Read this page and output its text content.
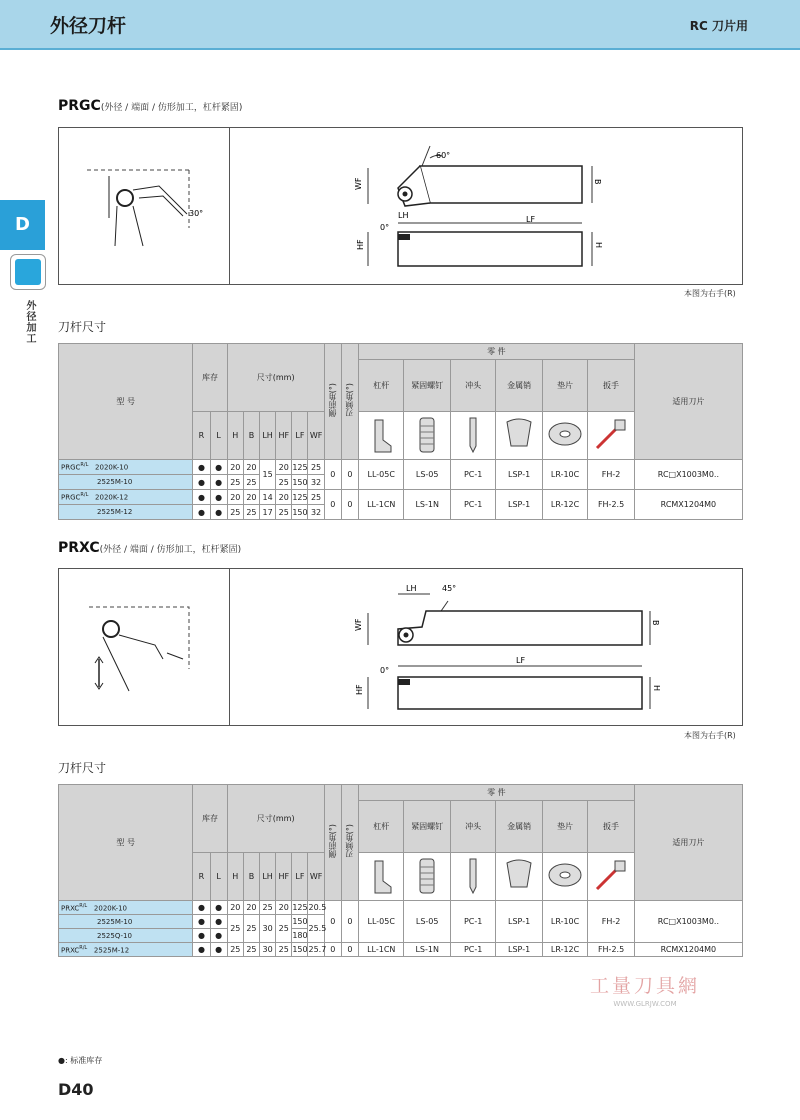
外径刀杆	RC 刀片用
D
外径加工
PRGC(外径 / 端面 / 仿形加工，杠杆紧固)
30°
60°
WF	B
LH	LF
0°
HF	H
本图为右手(R)
刀杆尺寸
型 号	库存		尺寸(mm)						侧前角(°)	刃倾角(°)	零 件						适用刀片
											杠杆	紧固螺钉	冲头	金属销	垫片	扳手	
	R	L	H	B	LH	HF	LF	WF						
$PRGC^{R/L}$ 2020K-10	●	●	20	20	15	20	125	25	0	0	LL-05C	LS-05	PC-1	LSP-1	LR-10C	FH-2	RC□X1003M0..
2525M-10	●	●	25	25		25	150	32									
$PRGC^{R/L}$ 2020K-12	●	●	20	20	14	20	125	25	0	0	LL-1CN	LS-1N	PC-1	LSP-1	LR-12C	FH-2.5	RCMX1204M0
2525M-12	●	●	25	25	17	25	150	32									
PRXC(外径 / 端面 / 仿形加工，杠杆紧固)
LH	45°
WF	B
LF
0°
HF	H
本图为右手(R)
刀杆尺寸
型 号	库存		尺寸(mm)						侧前角(°)	刃倾角(°)	零 件						适用刀片
											杠杆	紧固螺钉	冲头	金属销	垫片	扳手	
	R	L	H	B	LH	HF	LF	WF						
$PRXC^{R/L}$ 2020K-10	●	●	20	20	25	20	125	20.5	0	0	LL-05C	LS-05	PC-1	LSP-1	LR-10C	FH-2	RC□X1003M0..
2525M-10	●	●	25	25	30	25	150	25.5									
2525Q-10	●	●					180										
$PRXC^{R/L}$ 2525M-12	●	●	25	25	30	25	150	25.7	0	0	LL-1CN	LS-1N	PC-1	LSP-1	LR-12C	FH-2.5	RCMX1204M0
工量刀具網
WWW.GLRJW.COM
●: 标准库存
D40
